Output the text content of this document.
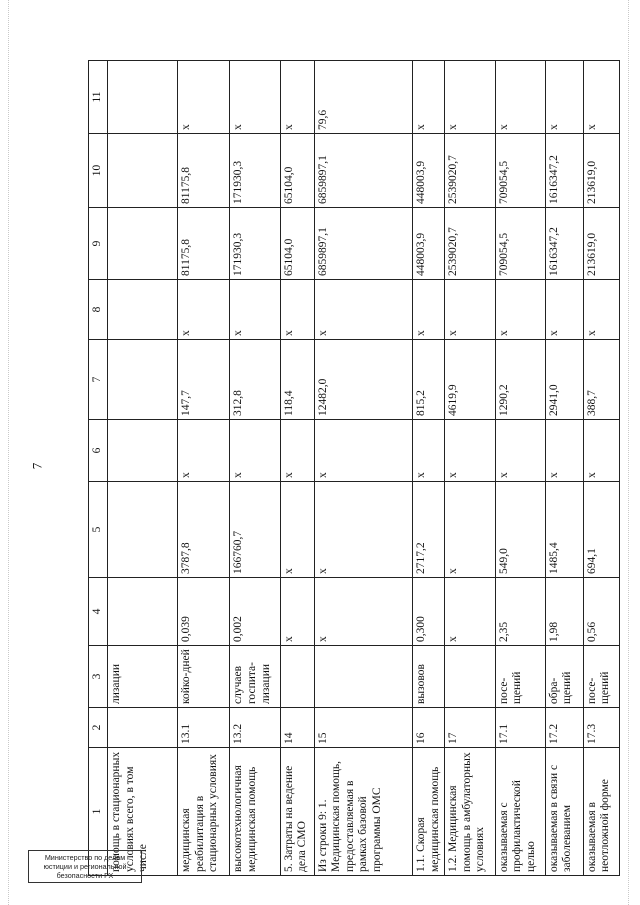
7
1	2	3	4	5	6	7	8	9	10	11
помощь в стационарных условиях всего, в том числе		лизации								
медицинская реабилитация в стационарных условиях	13.1	койко-дней	0,039	3787,8	х	147,7	х	81175,8	81175,8	х
высокотехнологичная медицинская помощь	13.2	случаев госпита-лизации	0,002	166760,7	х	312,8	х	171930,3	171930,3	х
5. Затраты на ведение дела СМО	14		х	х	х	118,4	х	65104,0	65104,0	х
Из строки 9: 1. Медицинская помощь, предоставляемая в рамках базовой программы ОМС	15		х	х	х	12482,0	х	6859897,1	6859897,1	79,6
1.1. Скорая медицинская помощь	16	вызовов	0,300	2717,2	х	815,2	х	448003,9	448003,9	х
1.2. Медицинская помощь в амбулаторных условиях	17		х	х	х	4619,9	х	2539020,7	2539020,7	х
оказываемая с профилактической целью	17.1	посе-щений	2,35	549,0	х	1290,2	х	709054,5	709054,5	х
оказываемая в связи с заболеванием	17.2	обра-щений	1,98	1485,4	х	2941,0	х	1616347,2	1616347,2	х
оказываемая в неотложной форме	17.3	посе-щений	0,56	694,1	х	388,7	х	213619,0	213619,0	х
Министерство по делам
юстиции и региональной
безопасности РХ
